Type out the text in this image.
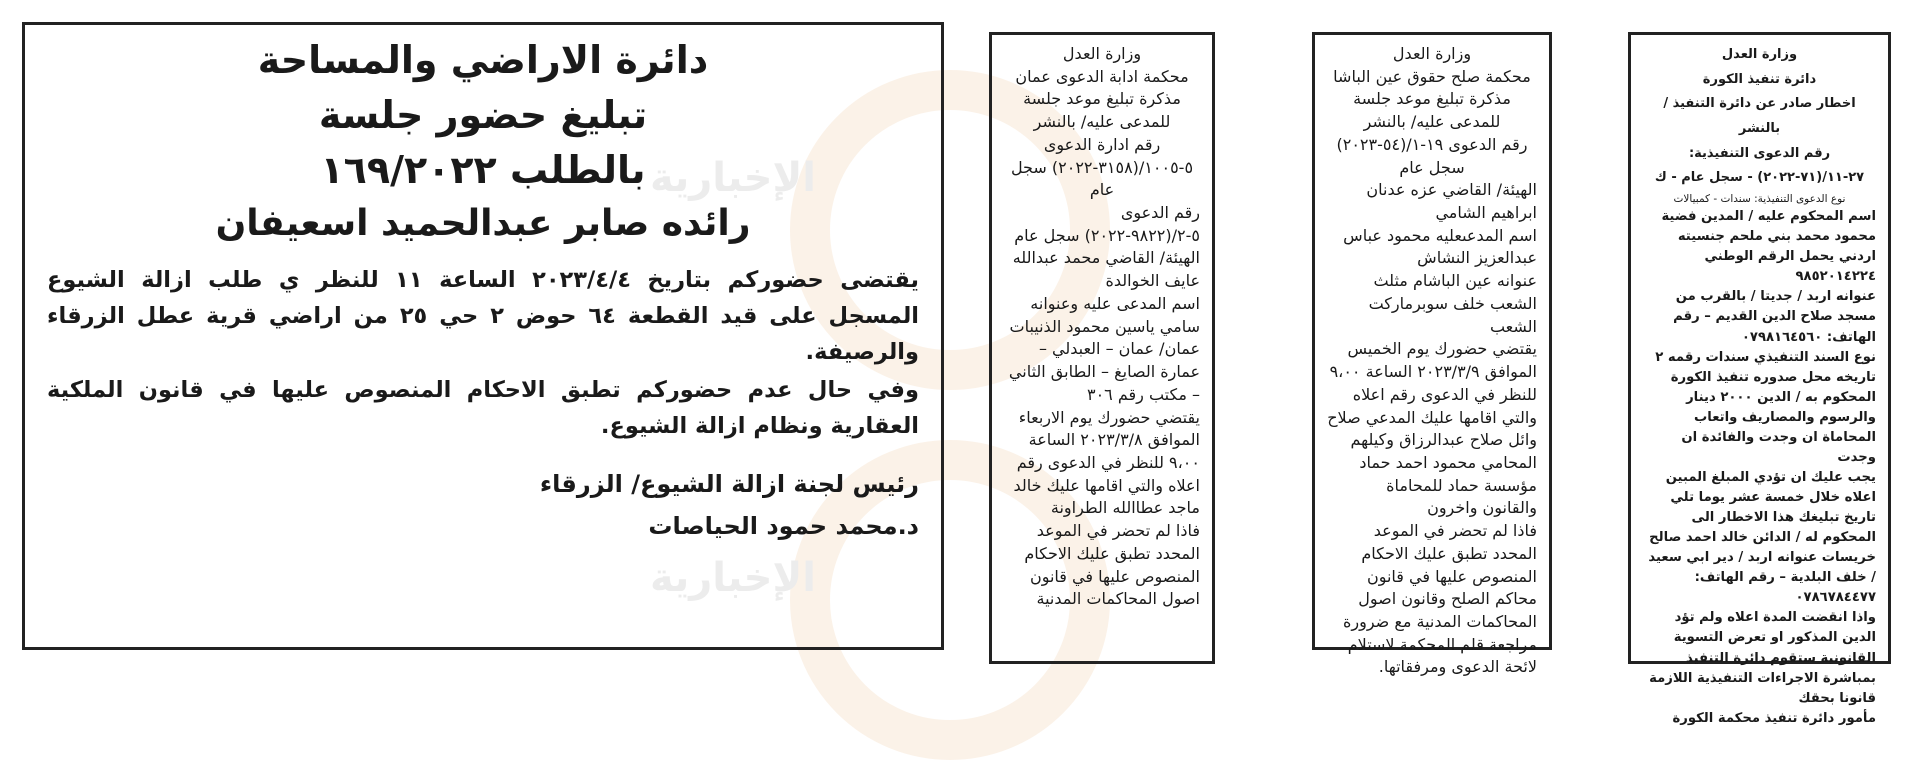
الإخبارية
الإخبارية

دائرة الاراضي والمساحة

تبليغ حضور جلسة

بالطلب ١٦٩/٢٠٢٢

رائده صابر عبدالحميد اسعيفان

يقتضى حضوركم بتاريخ ٢٠٢٣/٤/٤ الساعة ١١ للنظر ي طلب ازالة الشيوع المسجل على قيد القطعة ٦٤ حوض ٢ حي ٢٥ من اراضي قرية عطل الزرقاء والرصيفة.

وفي حال عدم حضوركم تطبق الاحكام المنصوص عليها في قانون الملكية العقارية ونظام ازالة الشيوع.

رئيس لجنة ازالة الشيوع/ الزرقاء

د.محمد حمود الحياصات

وزارة العدل

محكمة ادابة الدعوى عمان

مذكرة تبليغ موعد جلسة للمدعى عليه/ بالنشر

رقم ادارة الدعوى ٥-١٠٠٥/(٣١٥٨-٢٠٢٢) سجل عام

رقم الدعوى ٥-٢/(٩٨٢٢-٢٠٢٢) سجل عام

الهيئة/ القاضي محمد عبدالله عايف الخوالدة

اسم المدعى عليه وعنوانه سامي ياسين محمود الذنيبات

عمان/ عمان – العبدلي – عمارة الصايغ – الطابق الثاني – مكتب رقم ٣٠٦

يقتضي حضورك يوم الاربعاء الموافق ٢٠٢٣/٣/٨ الساعة ٩،٠٠ للنظر في الدعوى رقم اعلاه والتي اقامها عليك خالد ماجد عطاالله الطراونة

فاذا لم تحضر في الموعد المحدد تطبق عليك الاحكام المنصوص عليها في قانون اصول المحاكمات المدنية

وزارة العدل

محكمة صلح حقوق عين الباشا

مذكرة تبليغ موعد جلسة للمدعى عليه/ بالنشر

رقم الدعوى ١٩-١/(٥٤-٢٠٢٣) سجل عام

الهيئة/ القاضي عزه عدنان ابراهيم الشامي

اسم المدعىعليه محمود عباس عبدالعزيز النشاش

عنوانه عين الباشام مثلث الشعب خلف سوبرماركت الشعب

يقتضي حضورك يوم الخميس الموافق ٢٠٢٣/٣/٩ الساعة ٩،٠٠ للنظر في الدعوى رقم اعلاه والتي اقامها عليك المدعي صلاح وائل صلاح عبدالرزاق وكيلهم المحامي محمود احمد حماد مؤسسة حماد للمحاماة والقانون واخرون

فاذا لم تحضر في الموعد المحدد تطبق عليك الاحكام المنصوص عليها في قانون محاكم الصلح وقانون اصول المحاكمات المدنية مع ضرورة مراجعة قلم المحكمة لاستلام لائحة الدعوى ومرفقاتها.

وزارة العدل

دائرة تنفيذ الكورة

اخطار صادر عن دائرة التنفيذ / بالنشر

رقم الدعوى التنفيذية: ٢٧-١١/(٧١-٢٠٢٢) - سجل عام - ك

نوع الدعوى التنفيذية: سندات - كمبيالات

اسم المحكوم عليه / المدين فضية محمود محمد بني ملحم جنسيته اردني يحمل الرقم الوطني ٩٨٥٢٠١٤٢٢٤

عنوانه اربد / جديتا / بالقرب من مسجد صلاح الدين القديم – رقم الهاتف: ٠٧٩٨١٦٤٥٦٠

نوع السند التنفيذي سندات رقمه ٢ تاريخه محل صدوره تنفيذ الكورة

المحكوم به / الدين ٢٠٠٠ دينار والرسوم والمصاريف واتعاب المحاماة ان وجدت والفائدة ان وجدت

يجب عليك ان تؤدي المبلغ المبين اعلاه خلال خمسة عشر يوما تلي تاريخ تبليغك هذا الاخطار الى

المحكوم له / الدائن خالد احمد صالح خريسات عنوانه اربد / دير ابي سعيد / خلف البلدية – رقم الهاتف: ٠٧٨٦٧٨٤٤٧٧

واذا انقضت المدة اعلاه ولم تؤد الدين المذكور او تعرض التسوية القانونية ستقوم دائرة التنفيذ بمباشرة الاجراءات التنفيذية اللازمة قانونا بحقك

مأمور دائرة تنفيذ محكمة الكورة
